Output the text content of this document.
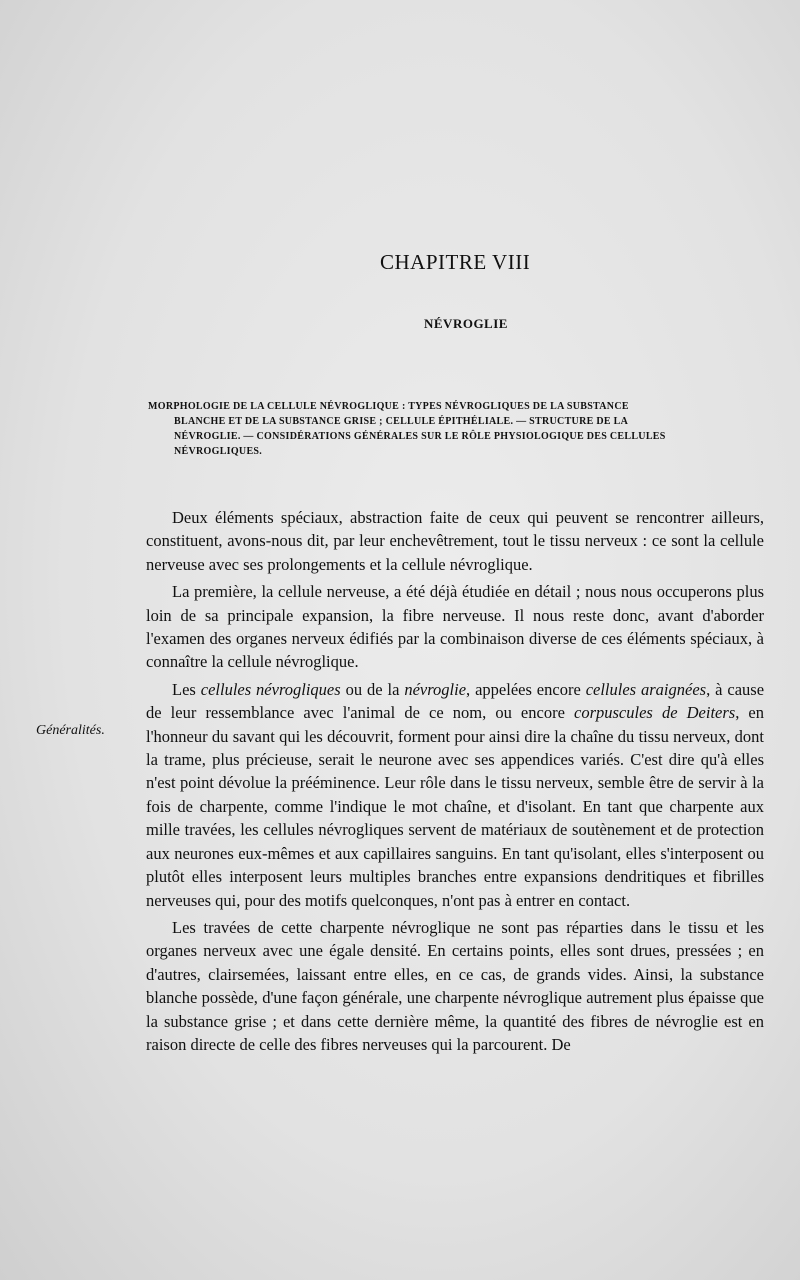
CHAPITRE VIII
NÉVROGLIE
MORPHOLOGIE DE LA CELLULE NÉVROGLIQUE : TYPES NÉVROGLIQUES DE LA SUBSTANCE
BLANCHE ET DE LA SUBSTANCE GRISE ; CELLULE ÉPITHÉLIALE. — STRUCTURE DE LA
NÉVROGLIE. — CONSIDÉRATIONS GÉNÉRALES SUR LE RÔLE PHYSIOLOGIQUE DES CELLULES
NÉVROGLIQUES.
Généralités.

Deux éléments spéciaux, abstraction faite de ceux qui peuvent se rencontrer ailleurs, constituent, avons-nous dit, par leur enchevêtrement, tout le tissu nerveux : ce sont la cellule nerveuse avec ses prolongements et la cellule névroglique.

La première, la cellule nerveuse, a été déjà étudiée en détail ; nous nous occuperons plus loin de sa principale expansion, la fibre nerveuse. Il nous reste donc, avant d'aborder l'examen des organes nerveux édifiés par la combinaison diverse de ces éléments spéciaux, à connaître la cellule névroglique.

Les cellules névrogliques ou de la névroglie, appelées encore cellules araignées, à cause de leur ressemblance avec l'animal de ce nom, ou encore corpuscules de Deiters, en l'honneur du savant qui les découvrit, forment pour ainsi dire la chaîne du tissu nerveux, dont la trame, plus précieuse, serait le neurone avec ses appendices variés. C'est dire qu'à elles n'est point dévolue la prééminence. Leur rôle dans le tissu nerveux, semble être de servir à la fois de charpente, comme l'indique le mot chaîne, et d'isolant. En tant que charpente aux mille travées, les cellules névrogliques servent de matériaux de soutènement et de protection aux neurones eux-mêmes et aux capillaires sanguins. En tant qu'isolant, elles s'interposent ou plutôt elles interposent leurs multiples branches entre expansions dendritiques et fibrilles nerveuses qui, pour des motifs quelconques, n'ont pas à entrer en contact.

Les travées de cette charpente névroglique ne sont pas réparties dans le tissu et les organes nerveux avec une égale densité. En certains points, elles sont drues, pressées ; en d'autres, clairsemées, laissant entre elles, en ce cas, de grands vides. Ainsi, la substance blanche possède, d'une façon générale, une charpente névroglique autrement plus épaisse que la substance grise ; et dans cette dernière même, la quantité des fibres de névroglie est en raison directe de celle des fibres nerveuses qui la parcourent. De
